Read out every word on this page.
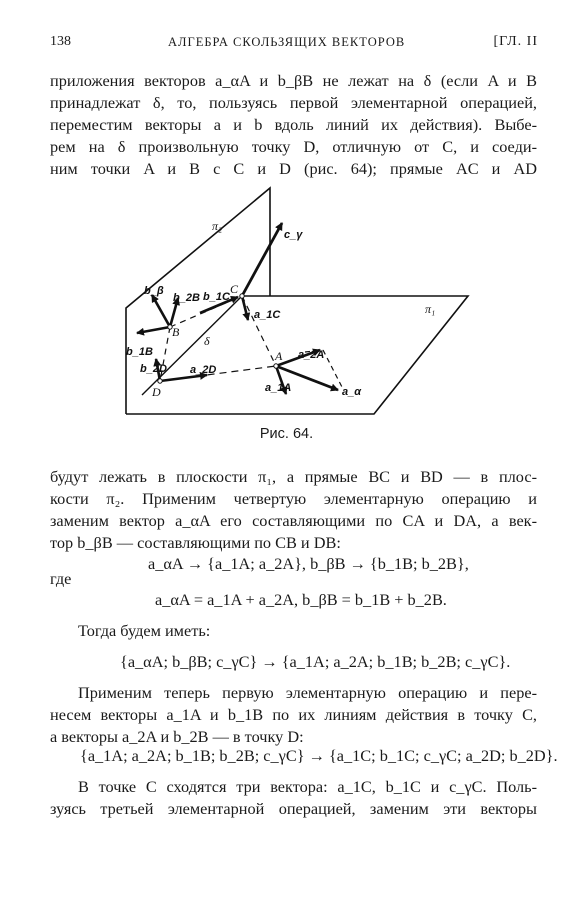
138	АЛГЕБРА СКОЛЬЗЯЩИХ ВЕКТОРОВ	[ГЛ. II
приложения векторов a_αA и b_βB не лежат на δ (если A и B
принадлежат δ, то, пользуясь первой элементарной операцией,
переместим векторы a и b вдоль линий их действия). Выбе-
рем на δ произвольную точку D, отличную от C, и соеди-
ним точки A и B с C и D (рис. 64); прямые AC и AD
π₂
π₁
c_γ
b_β
b_2B b_1C
C
a_1C
B
δ
b_1B
b_2D
A a_2A
a_2D
D	a_1A	a_α
Рис. 64.
будут лежать в плоскости π₁, а прямые BC и BD — в плос-
кости π₂. Применим четвертую элементарную операцию и
заменим вектор a_αA его составляющими по CA и DA, а век-
тор b_βB — составляющими по CB и DB:
a_αA → {a_1A; a_2A}, b_βB → {b_1B; b_2B},
где
a_αA = a_1A + a_2A, b_βB = b_1B + b_2B.
Тогда будем иметь:
{a_αA; b_βB; c_γC} → {a_1A; a_2A; b_1B; b_2B; c_γC}.
Применим теперь первую элементарную операцию и пере-
несем векторы a_1A и b_1B по их линиям действия в точку C,
а векторы a_2A и b_2B — в точку D:
{a_1A; a_2A; b_1B; b_2B; c_γC} → {a_1C; b_1C; c_γC; a_2D; b_2D}.
В точке C сходятся три вектора: a_1C, b_1C и c_γC. Поль-
зуясь третьей элементарной операцией, заменим эти векторы
